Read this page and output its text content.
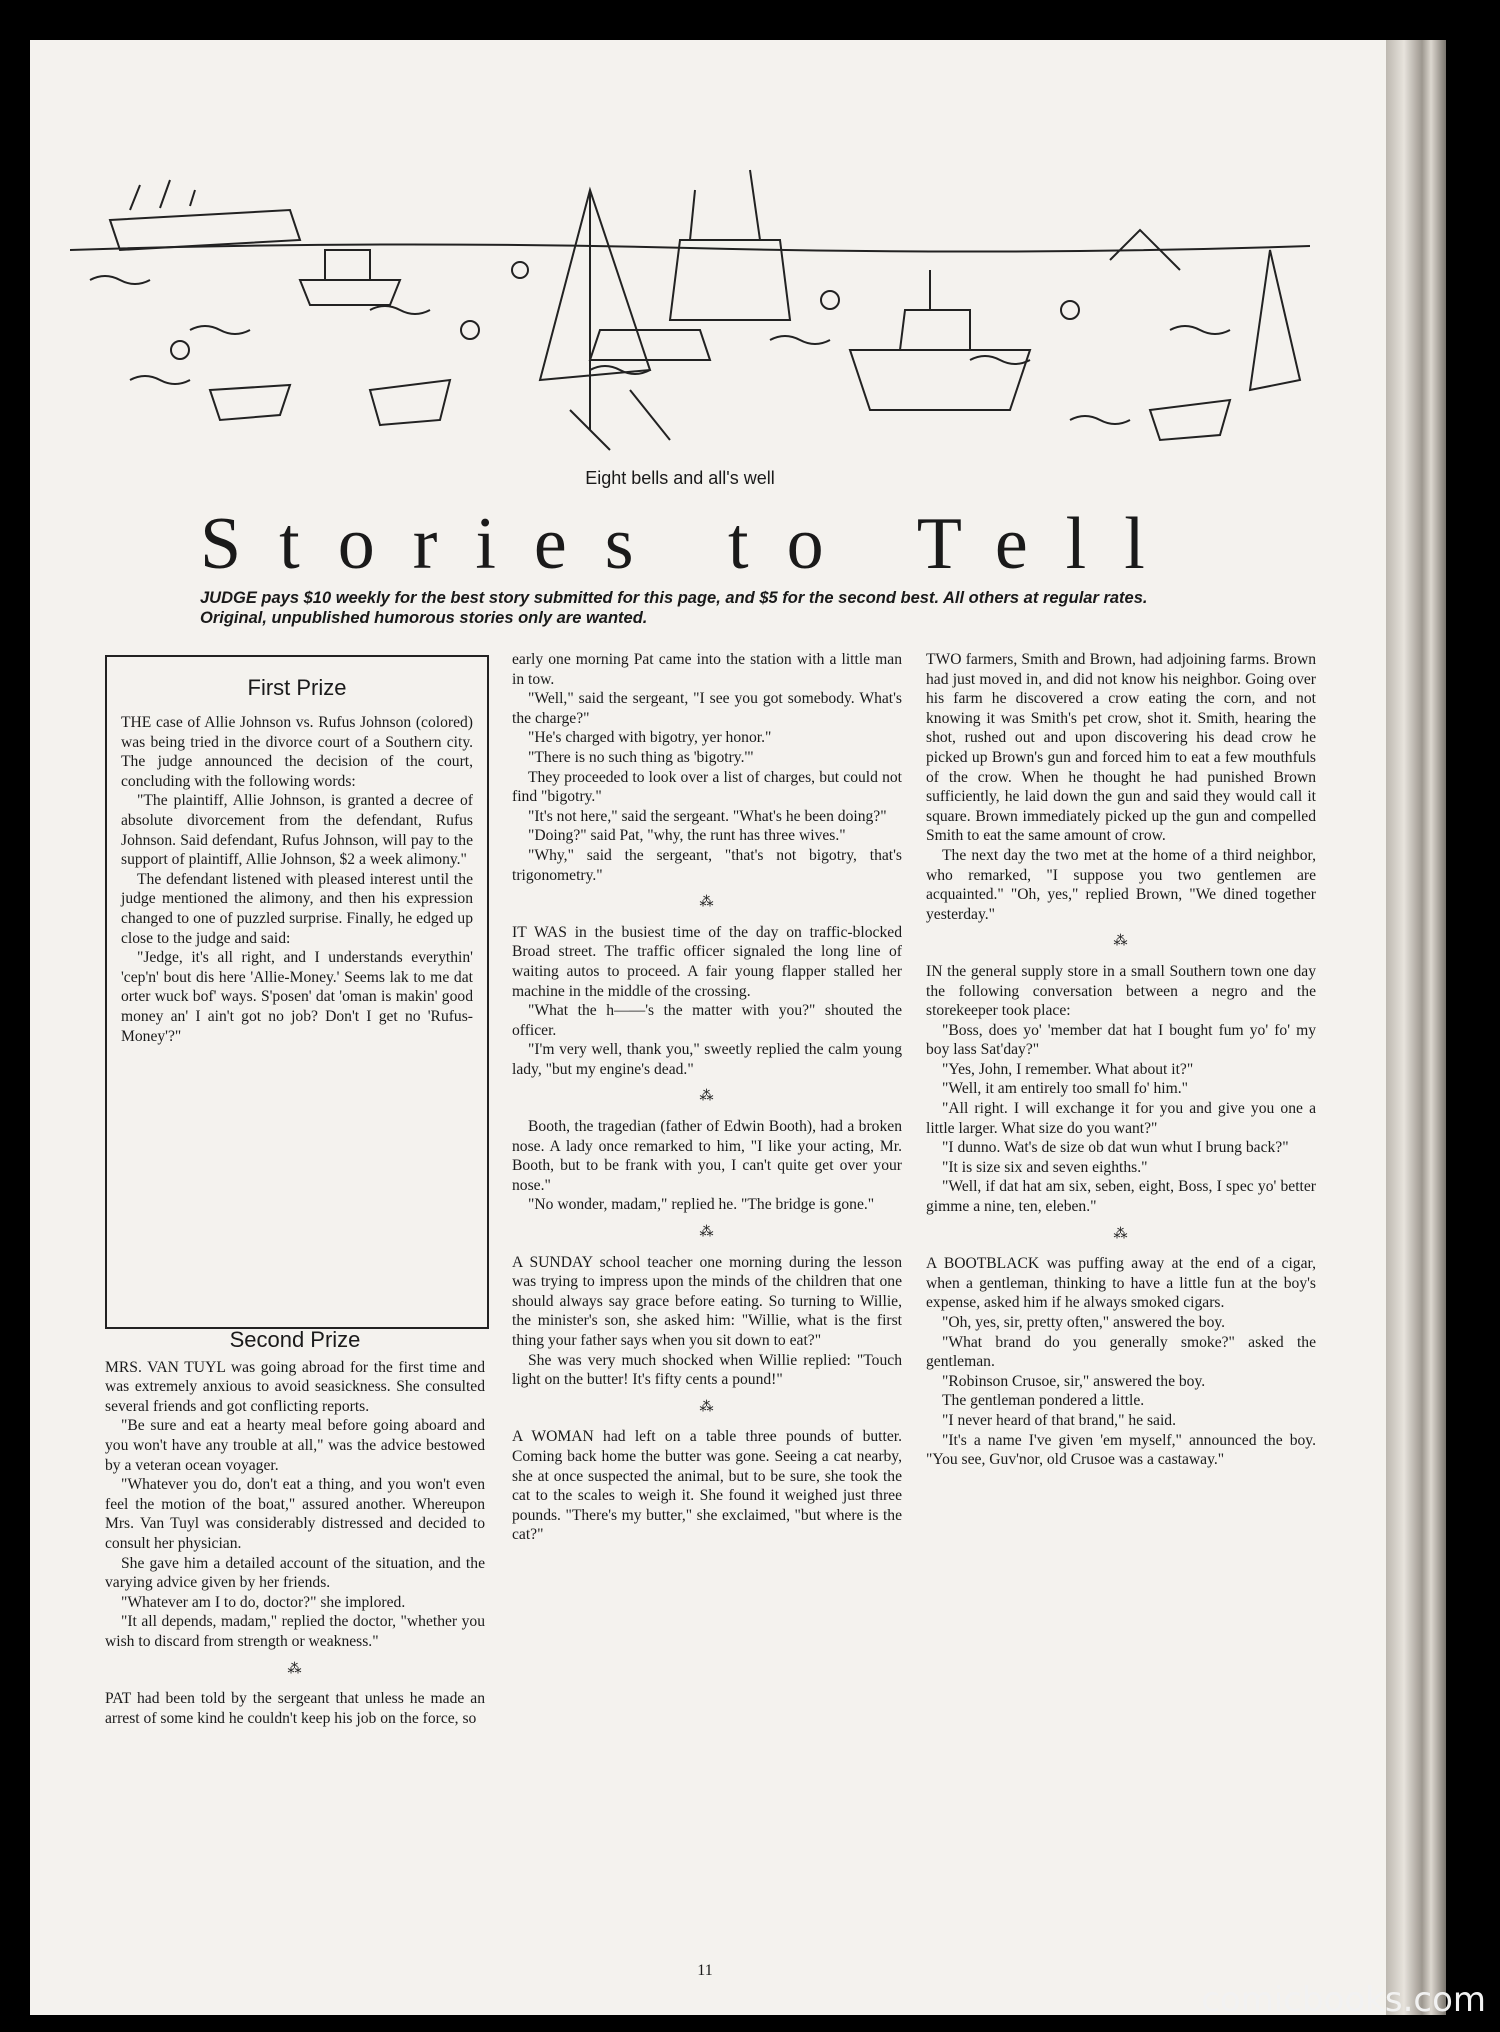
Eight bells and all's well
Stories to Tell
JUDGE pays $10 weekly for the best story submitted for this page, and $5 for the second best. All others at regular rates. Original, unpublished humorous stories only are wanted.
First Prize

THE case of Allie Johnson vs. Rufus Johnson (colored) was being tried in the divorce court of a Southern city. The judge announced the decision of the court, concluding with the following words:

"The plaintiff, Allie Johnson, is granted a decree of absolute divorcement from the defendant, Rufus Johnson. Said defendant, Rufus Johnson, will pay to the support of plaintiff, Allie Johnson, $2 a week alimony."

The defendant listened with pleased interest until the judge mentioned the alimony, and then his expression changed to one of puzzled surprise. Finally, he edged up close to the judge and said:

"Jedge, it's all right, and I understands everythin' 'cep'n' bout dis here 'Allie-Money.' Seems lak to me dat orter wuck bof' ways. S'posen' dat 'oman is makin' good money an' I ain't got no job? Don't I get no 'Rufus-Money'?"

Second Prize

MRS. VAN TUYL was going abroad for the first time and was extremely anxious to avoid seasickness. She consulted several friends and got conflicting reports.

"Be sure and eat a hearty meal before going aboard and you won't have any trouble at all," was the advice bestowed by a veteran ocean voyager.

"Whatever you do, don't eat a thing, and you won't even feel the motion of the boat," assured another. Whereupon Mrs. Van Tuyl was considerably distressed and decided to consult her physician.

She gave him a detailed account of the situation, and the varying advice given by her friends.

"Whatever am I to do, doctor?" she implored.

"It all depends, madam," replied the doctor, "whether you wish to discard from strength or weakness."

⁂

PAT had been told by the sergeant that unless he made an arrest of some kind he couldn't keep his job on the force, so

early one morning Pat came into the station with a little man in tow.

"Well," said the sergeant, "I see you got somebody. What's the charge?"

"He's charged with bigotry, yer honor."

"There is no such thing as 'bigotry.'"

They proceeded to look over a list of charges, but could not find "bigotry."

"It's not here," said the sergeant. "What's he been doing?"

"Doing?" said Pat, "why, the runt has three wives."

"Why," said the sergeant, "that's not bigotry, that's trigonometry."

⁂

IT WAS in the busiest time of the day on traffic-blocked Broad street. The traffic officer signaled the long line of waiting autos to proceed. A fair young flapper stalled her machine in the middle of the crossing.

"What the h——'s the matter with you?" shouted the officer.

"I'm very well, thank you," sweetly replied the calm young lady, "but my engine's dead."

⁂

Booth, the tragedian (father of Edwin Booth), had a broken nose. A lady once remarked to him, "I like your acting, Mr. Booth, but to be frank with you, I can't quite get over your nose."

"No wonder, madam," replied he. "The bridge is gone."

⁂

A SUNDAY school teacher one morning during the lesson was trying to impress upon the minds of the children that one should always say grace before eating. So turning to Willie, the minister's son, she asked him: "Willie, what is the first thing your father says when you sit down to eat?"

She was very much shocked when Willie replied: "Touch light on the butter! It's fifty cents a pound!"

⁂

A WOMAN had left on a table three pounds of butter. Coming back home the butter was gone. Seeing a cat nearby, she at once suspected the animal, but to be sure, she took the cat to the scales to weigh it. She found it weighed just three pounds. "There's my butter," she exclaimed, "but where is the cat?"

TWO farmers, Smith and Brown, had adjoining farms. Brown had just moved in, and did not know his neighbor. Going over his farm he discovered a crow eating the corn, and not knowing it was Smith's pet crow, shot it. Smith, hearing the shot, rushed out and upon discovering his dead crow he picked up Brown's gun and forced him to eat a few mouthfuls of the crow. When he thought he had punished Brown sufficiently, he laid down the gun and said they would call it square. Brown immediately picked up the gun and compelled Smith to eat the same amount of crow.

The next day the two met at the home of a third neighbor, who remarked, "I suppose you two gentlemen are acquainted." "Oh, yes," replied Brown, "We dined together yesterday."

⁂

IN the general supply store in a small Southern town one day the following conversation between a negro and the storekeeper took place:

"Boss, does yo' 'member dat hat I bought fum yo' fo' my boy lass Sat'day?"

"Yes, John, I remember. What about it?"

"Well, it am entirely too small fo' him."

"All right. I will exchange it for you and give you one a little larger. What size do you want?"

"I dunno. Wat's de size ob dat wun whut I brung back?"

"It is size six and seven eighths."

"Well, if dat hat am six, seben, eight, Boss, I spec yo' better gimme a nine, ten, eleben."

⁂

A BOOTBLACK was puffing away at the end of a cigar, when a gentleman, thinking to have a little fun at the boy's expense, asked him if he always smoked cigars.

"Oh, yes, sir, pretty often," answered the boy.

"What brand do you generally smoke?" asked the gentleman.

"Robinson Crusoe, sir," answered the boy.

The gentleman pondered a little.

"I never heard of that brand," he said.

"It's a name I've given 'em myself," announced the boy. "You see, Guv'nor, old Crusoe was a castaway."

11
comicbooks.com
